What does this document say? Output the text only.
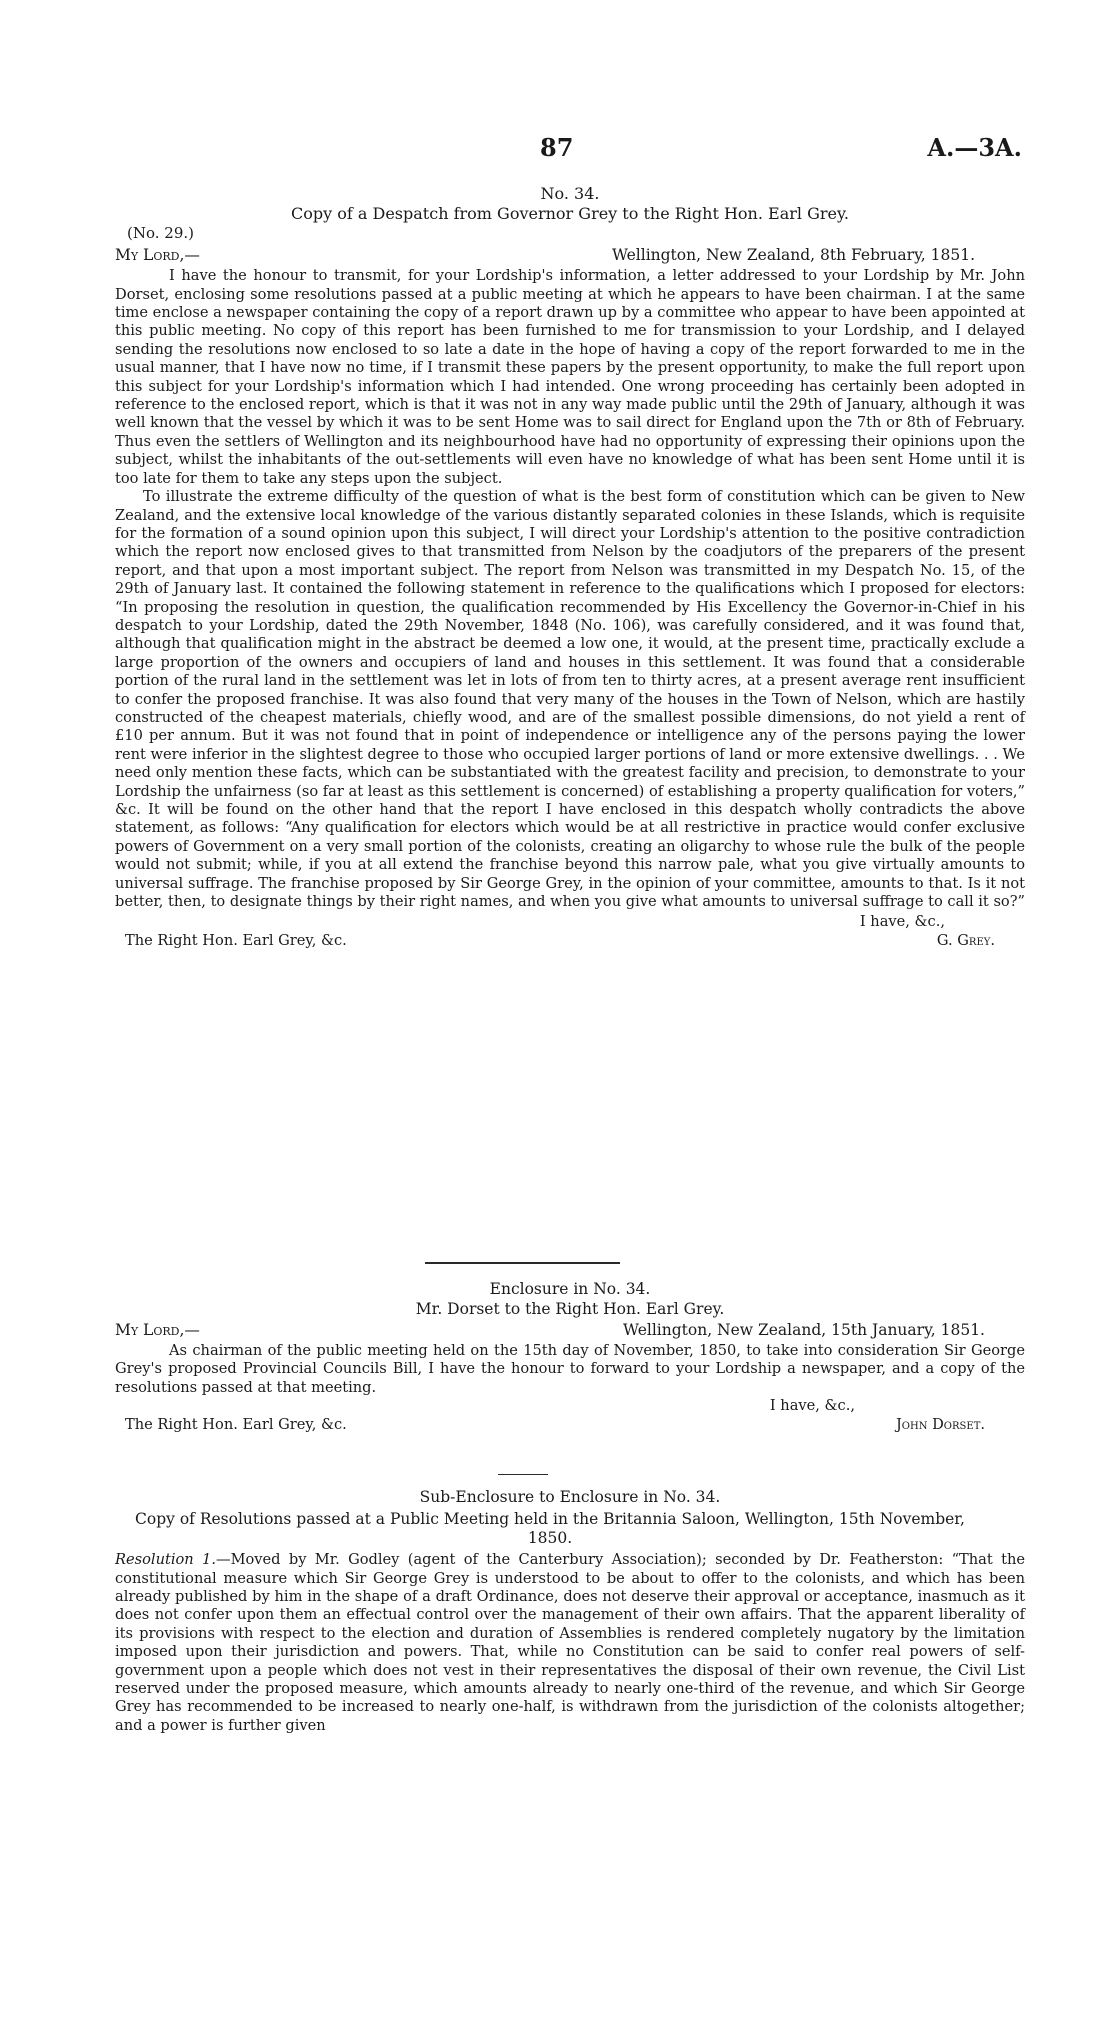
87	A.—3A.
No. 34.
Copy of a Despatch from Governor Grey to the Right Hon. Earl Grey.
(No. 29.)
My Lord,—	Wellington, New Zealand, 8th February, 1851.

I have the honour to transmit, for your Lordship's information, a letter addressed to your Lordship by Mr. John Dorset, enclosing some resolutions passed at a public meeting at which he appears to have been chairman. I at the same time enclose a newspaper containing the copy of a report drawn up by a committee who appear to have been appointed at this public meeting. No copy of this report has been furnished to me for transmission to your Lordship, and I delayed sending the resolutions now enclosed to so late a date in the hope of having a copy of the report forwarded to me in the usual manner, that I have now no time, if I transmit these papers by the present opportunity, to make the full report upon this subject for your Lordship's information which I had intended. One wrong proceeding has certainly been adopted in reference to the enclosed report, which is that it was not in any way made public until the 29th of January, although it was well known that the vessel by which it was to be sent Home was to sail direct for England upon the 7th or 8th of February. Thus even the settlers of Wellington and its neighbourhood have had no opportunity of expressing their opinions upon the subject, whilst the inhabitants of the out-settlements will even have no knowledge of what has been sent Home until it is too late for them to take any steps upon the subject.

To illustrate the extreme difficulty of the question of what is the best form of constitution which can be given to New Zealand, and the extensive local knowledge of the various distantly separated colonies in these Islands, which is requisite for the formation of a sound opinion upon this subject, I will direct your Lordship's attention to the positive contradiction which the report now enclosed gives to that transmitted from Nelson by the coadjutors of the preparers of the present report, and that upon a most important subject. The report from Nelson was transmitted in my Despatch No. 15, of the 29th of January last. It contained the following statement in reference to the qualifications which I proposed for electors: “In proposing the resolution in question, the qualification recommended by His Excellency the Governor-in-Chief in his despatch to your Lordship, dated the 29th November, 1848 (No. 106), was carefully considered, and it was found that, although that qualification might in the abstract be deemed a low one, it would, at the present time, practically exclude a large proportion of the owners and occupiers of land and houses in this settlement. It was found that a considerable portion of the rural land in the settlement was let in lots of from ten to thirty acres, at a present average rent insufficient to confer the proposed franchise. It was also found that very many of the houses in the Town of Nelson, which are hastily constructed of the cheapest materials, chiefly wood, and are of the smallest possible dimensions, do not yield a rent of £10 per annum. But it was not found that in point of independence or intelligence any of the persons paying the lower rent were inferior in the slightest degree to those who occupied larger portions of land or more extensive dwellings. . . We need only mention these facts, which can be substantiated with the greatest facility and precision, to demonstrate to your Lordship the unfairness (so far at least as this settlement is concerned) of establishing a property qualification for voters,” &c. It will be found on the other hand that the report I have enclosed in this despatch wholly contradicts the above statement, as follows: “Any qualification for electors which would be at all restrictive in practice would confer exclusive powers of Government on a very small portion of the colonists, creating an oligarchy to whose rule the bulk of the people would not submit; while, if you at all extend the franchise beyond this narrow pale, what you give virtually amounts to universal suffrage. The franchise proposed by Sir George Grey, in the opinion of your committee, amounts to that. Is it not better, then, to designate things by their right names, and when you give what amounts to universal suffrage to call it so?”

I have, &c.,
The Right Hon. Earl Grey, &c.	G. Grey.
Enclosure in No. 34.
Mr. Dorset to the Right Hon. Earl Grey.
My Lord,—	Wellington, New Zealand, 15th January, 1851.

As chairman of the public meeting held on the 15th day of November, 1850, to take into consideration Sir George Grey's proposed Provincial Councils Bill, I have the honour to forward to your Lordship a newspaper, and a copy of the resolutions passed at that meeting.

I have, &c.,
The Right Hon. Earl Grey, &c.	John Dorset.
Sub-Enclosure to Enclosure in No. 34.
Copy of Resolutions passed at a Public Meeting held in the Britannia Saloon, Wellington, 15th November, 1850.

Resolution 1.—Moved by Mr. Godley (agent of the Canterbury Association); seconded by Dr. Featherston: “That the constitutional measure which Sir George Grey is understood to be about to offer to the colonists, and which has been already published by him in the shape of a draft Ordinance, does not deserve their approval or acceptance, inasmuch as it does not confer upon them an effectual control over the management of their own affairs. That the apparent liberality of its provisions with respect to the election and duration of Assemblies is rendered completely nugatory by the limitation imposed upon their jurisdiction and powers. That, while no Constitution can be said to confer real powers of self-government upon a people which does not vest in their representatives the disposal of their own revenue, the Civil List reserved under the proposed measure, which amounts already to nearly one-third of the revenue, and which Sir George Grey has recommended to be increased to nearly one-half, is withdrawn from the jurisdiction of the colonists altogether; and a power is further given
